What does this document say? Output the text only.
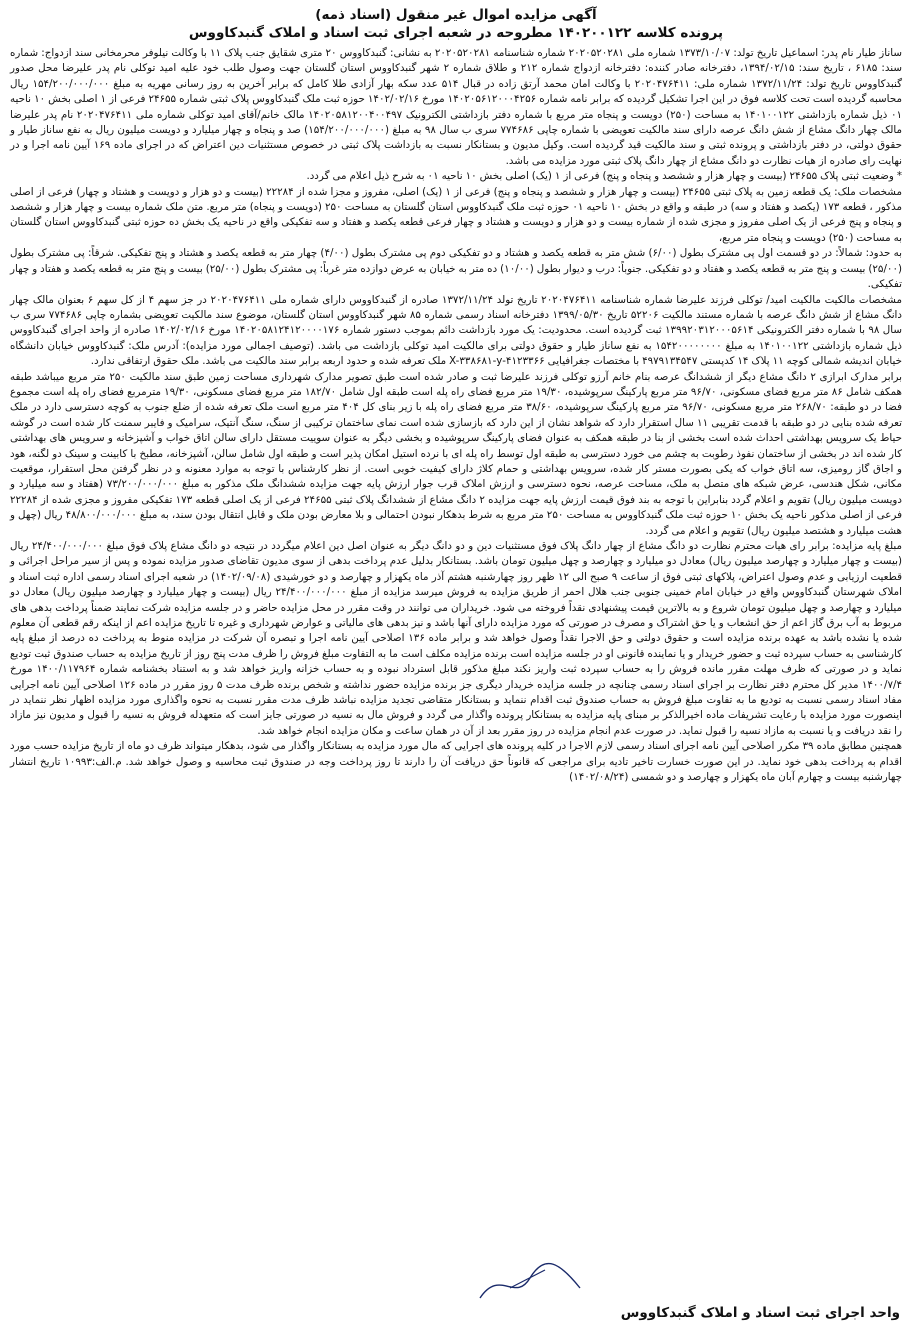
آگهی مزایده اموال غیر منقول (اسناد ذمه)
پرونده کلاسه ۱۴۰۲۰۰۱۲۲ مطروحه در شعبه اجرای ثبت اسناد و املاک گنبدکاووس

ساناز طیار نام پدر: اسماعیل تاریخ تولد: ۱۳۷۳/۱۰/۰۷ شماره ملی ۲۰۲۰۵۲۰۲۸۱ شماره شناسنامه ۲۰۲۰۵۲۰۲۸۱ به نشانی: گنبدکاووس ۲۰ متری شقایق جنب پلاک ۱۱ با وکالت نیلوفر محرمخانی سند ازدواج: شماره سند: ۶۱۸۵ ، تاریخ سند: ۱۳۹۴/۰۲/۱۵، دفترخانه صادر کننده: دفترخانه ازدواج شماره ۲۱۲ و طلاق شماره ۲ شهر گنبدکاووس استان گلستان جهت وصول طلب خود علیه امید توکلی نام پدر علیرضا محل صدور گنبدکاووس تاریخ تولد: ۱۳۷۲/۱۱/۲۴ شماره ملی: ۲۰۲۰۴۷۶۴۱۱ با وکالت امان محمد آرتق زاده در قبال ۵۱۴ عدد سکه بهار آزادی طلا کامل که برابر آخرین به روز رسانی مهریه به مبلغ ۱۵۴/۲۰۰/۰۰۰/۰۰۰ ریال محاسبه گردیده است تحت کلاسه فوق در این اجرا تشکیل گردیده که برابر نامه شماره ۱۴۰۲۰۵۶۱۲۰۰۰۴۲۵۶ مورخ ۱۴۰۲/۰۲/۱۶ حوزه ثبت ملک گنبدکاووس پلاک ثبتی شماره ۲۴۶۵۵ فرعی از ۱ اصلی بخش ۱۰ ناحیه ۰۱ ذیل شماره بازداشتی ۱۴۰۱۰۰۱۲۲ به مساحت (۲۵۰) دویست و پنجاه متر مربع با شماره دفتر بازداشتی الکترونیک ۱۴۰۲۰۵۸۱۲۰۰۴۰۰۴۹۷ مالک خانم/آقای امید توکلی شماره ملی ۲۰۲۰۴۷۶۴۱۱ نام پدر علیرضا مالک چهار دانگ مشاع از شش دانگ عرصه دارای سند مالکیت تعویضی با شماره چاپی ۷۷۴۶۸۶ سری ب سال ۹۸ به مبلغ (۱۵۴/۲۰۰/۰۰۰/۰۰۰) صد و پنجاه و چهار میلیارد و دویست میلیون ریال به نفع ساناز طیار و حقوق دولتی، در دفتر بازداشتی و پرونده ثبتی و سند مالکیت قید گردیده است. وکیل مدیون و بستانکار نسبت به بازداشت پلاک ثبتی در خصوص مستثنیات دین اعتراض که در اجرای ماده ۱۶۹ آیین نامه اجرا و در نهایت رای صادره از هیات نظارت دو دانگ مشاع از چهار دانگ پلاک ثبتی مورد مزایده می باشد.

* وضعیت ثبتی پلاک ۲۴۶۵۵ (بیست و چهار هزار و ششصد و پنجاه و پنج) فرعی از ۱ (یک) اصلی بخش ۱۰ ناحیه ۰۱ به شرح ذیل اعلام می گردد.

مشخصات ملک: یک قطعه زمین به پلاک ثبتی ۲۴۶۵۵ (بیست و چهار هزار و ششصد و پنجاه و پنج) فرعی از ۱ (یک) اصلی، مفروز و مجزا شده از ۲۲۲۸۴ (بیست و دو هزار و دویست و هشتاد و چهار) فرعی از اصلی مذکور ، قطعه ۱۷۳ (یکصد و هفتاد و سه) در طبقه و واقع در بخش ۱۰ ناحیه ۰۱ حوزه ثبت ملک گنبدکاووس استان گلستان به مساحت ۲۵۰ (دویست و پنجاه) متر مربع. متن ملک شماره بیست و چهار هزار و ششصد و پنجاه و پنج فرعی از یک اصلی مفروز و مجزی شده از شماره بیست و دو هزار و دویست و هشتاد و چهار فرعی قطعه یکصد و هفتاد و سه تفکیکی واقع در ناحیه یک بخش ده حوزه ثبتی گنبدکاووس استان گلستان به مساحت (۲۵۰) دویست و پنجاه متر مربع،

به حدود: شمالاً: در دو قسمت اول پی مشترک بطول (۶/۰۰) شش متر به قطعه یکصد و هشتاد و دو تفکیکی دوم پی مشترک بطول (۴/۰۰) چهار متر به قطعه یکصد و هشتاد و پنج تفکیکی. شرقاً: پی مشترک بطول (۲۵/۰۰) بیست و پنج متر به قطعه یکصد و هفتاد و دو تفکیکی. جنوباً: درب و دیوار بطول (۱۰/۰۰) ده متر به خیابان به عرض دوازده متر غرباً: پی مشترک بطول (۲۵/۰۰) بیست و پنج متر به قطعه یکصد و هفتاد و چهار تفکیکی.

مشخصات مالکیت مالکیت امید/ توکلی فرزند علیرضا شماره شناسنامه ۲۰۲۰۴۷۶۴۱۱ تاریخ تولد ۱۳۷۲/۱۱/۲۴ صادره از گنبدکاووس دارای شماره ملی ۲۰۲۰۴۷۶۴۱۱ در جز سهم ۴ از کل سهم ۶ بعنوان مالک چهار دانگ مشاع از شش دانگ عرصه با شماره مستند مالکیت ۵۲۲۰۶ تاریخ ۱۳۹۹/۰۵/۳۰ دفترخانه اسناد رسمی شماره ۸۵ شهر گنبدکاووس استان گلستان، موضوع سند مالکیت تعویضی بشماره چاپی ۷۷۴۶۸۶ سری ب سال ۹۸ با شماره دفتر الکترونیکی ۱۳۹۹۲۰۳۱۲۰۰۰۵۶۱۴ ثبت گردیده است. محدودیت: یک مورد بازداشت دائم بموجب دستور شماره ۱۴۰۲۰۵۸۱۲۴۱۲۰۰۰۰۱۷۶ مورخ ۱۴۰۲/۰۲/۱۶ صادره از واحد اجرای گنبدکاووس ذیل شماره بازداشتی ۱۴۰۱۰۰۱۲۲ به مبلغ ۱۵۴۲۰۰۰۰۰۰۰۰ به نفع ساناز طیار و حقوق دولتی برای مالکیت امید توکلی بازداشت می باشد. (توصیف اجمالی مورد مزایده): آدرس ملک: گنبدکاووس خیابان دانشگاه خیابان اندیشه شمالی کوچه ۱۱ پلاک ۱۴ کدپستی ۴۹۷۹۱۳۴۵۴۷ با مختصات جغرافیایی X-۳۳۸۶۸۱-y-۴۱۲۳۳۶۶ ملک تعرفه شده و حدود اربعه برابر سند مالکیت می باشد. ملک حقوق ارتفاقی ندارد.

برابر مدارک ابرازی ۲ دانگ مشاع دیگر از ششدانگ عرصه بنام خانم آرزو توکلی فرزند علیرضا ثبت و صادر شده است طبق تصویر مدارک شهرداری مساحت زمین طبق سند مالکیت ۲۵۰ متر مربع میباشد طبقه همکف شامل ۸۶ متر مربع فضای مسکونی، ۹۶/۷۰ متر مربع پارکینگ سرپوشیده، ۱۹/۳۰ متر مربع فضای راه پله است طبقه اول شامل ۱۸۲/۷۰ متر مربع فضای مسکونی، ۱۹/۳۰ مترمربع فضای راه پله است مجموع فضا در دو طبقه: ۲۶۸/۷۰ متر مربع مسکونی، ۹۶/۷۰ متر مربع پارکینگ سرپوشیده، ۳۸/۶۰ متر مربع فضای راه پله با زیر بنای کل ۴۰۴ متر مربع است ملک تعرفه شده از ضلع جنوب به کوچه دسترسی دارد در ملک تعرفه شده بنایی در دو طبقه با قدمت تقریبی ۱۱ سال استقرار دارد که شواهد نشان از این دارد که بازسازی شده است نمای ساختمان ترکیبی از سنگ، سنگ آنتیک، سرامیک و فایبر سمنت کار شده است در گوشه حیاط یک سرویس بهداشتی احداث شده است بخشی از بنا در طبقه همکف به عنوان فضای پارکینگ سرپوشیده و بخشی دیگر به عنوان سوییت مستقل دارای سالن اتاق خواب و آشپزخانه و سرویس های بهداشتی کار شده اند در بخشی از ساختمان نفوذ رطوبت به چشم می خورد دسترسی به طبقه اول توسط راه پله ای با نرده استیل امکان پذیر است و طبقه اول شامل سالن، آشپزخانه، مطبخ با کابینت و سینک دو لگنه، هود و اجاق گاز رومیزی، سه اتاق خواب که یکی بصورت مستر کار شده، سرویس بهداشتی و حمام کلاژ دارای کیفیت خوبی است. از نظر کارشناس با توجه به موارد معنونه و در نظر گرفتن محل استقرار، موقعیت مکانی، شکل هندسی، عرض شبکه های متصل به ملک، مساحت عرصه، نحوه دسترسی و ارزش املاک قرب جوار ارزش پایه جهت مزایده ششدانگ ملک مذکور به مبلغ ۷۳/۲۰۰/۰۰۰/۰۰۰ (هفتاد و سه میلیارد و دویست میلیون ریال) تقویم و اعلام گردد بنابراین با توجه به بند فوق قیمت ارزش پایه جهت مزایده ۲ دانگ مشاع از ششدانگ پلاک ثبتی ۲۴۶۵۵ فرعی از یک اصلی قطعه ۱۷۳ تفکیکی مفروز و مجزی شده از ۲۲۲۸۴ فرعی از اصلی مذکور ناحیه یک بخش ۱۰ حوزه ثبت ملک گنبدکاووس به مساحت ۲۵۰ متر مربع به شرط بدهکار نبودن احتمالی و بلا معارض بودن ملک و قابل انتقال بودن سند، به مبلغ ۴۸/۸۰۰/۰۰۰/۰۰۰ ریال (چهل و هشت میلیارد و هشتصد میلیون ریال) تقویم و اعلام می گردد.

مبلغ پایه مزایده: برابر رای هیات محترم نظارت دو دانگ مشاع از چهار دانگ پلاک فوق مستثنیات دین و دو دانگ دیگر به عنوان اصل دین اعلام میگردد در نتیجه دو دانگ مشاع پلاک فوق مبلغ ۲۴/۴۰۰/۰۰۰/۰۰۰ ریال (بیست و چهار میلیارد و چهارصد میلیون ریال) معادل دو میلیارد و چهارصد و چهل میلیون تومان باشد. بستانکار بدلیل عدم پرداخت بدهی از سوی مدیون تقاضای صدور مزایده نموده و پس از سیر مراحل اجرائی و قطعیت ارزیابی و عدم وصول اعتراض، پلاکهای ثبتی فوق از ساعت ۹ صبح الی ۱۲ ظهر روز چهارشنبه هشتم آذر ماه یکهزار و چهارصد و دو خورشیدی (۱۴۰۲/۰۹/۰۸) در شعبه اجرای اسناد رسمی اداره ثبت اسناد و املاک شهرستان گنبدکاووس واقع در خیابان امام خمینی جنوبی جنب هلال احمر از طریق مزایده به فروش میرسد مزایده از مبلغ ۲۴/۴۰۰/۰۰۰/۰۰۰ ریال (بیست و چهار میلیارد و چهارصد میلیون ریال) معادل دو میلیارد و چهارصد و چهل میلیون تومان شروع و به بالاترین قیمت پیشنهادی نقداً فروخته می شود. خریداران می توانند در وقت مقرر در محل مزایده حاضر و در جلسه مزایده شرکت نمایند ضمناً پرداخت بدهی های مربوط به آب برق گاز اعم از حق انشعاب و یا حق اشتراک و مصرف در صورتی که مورد مزایده دارای آنها باشد و نیز بدهی های مالیاتی و عوارض شهرداری و غیره تا تاریخ مزایده اعم از اینکه رقم قطعی آن معلوم شده یا نشده باشد به عهده برنده مزایده است و حقوق دولتی و حق الاجرا نقداً وصول خواهد شد و برابر ماده ۱۳۶ اصلاحی آیین نامه اجرا و تبصره آن شرکت در مزایده منوط به پرداخت ده درصد از مبلغ پایه کارشناسی به حساب سپرده ثبت و حضور خریدار و یا نماینده قانونی او در جلسه مزایده است برنده مزایده مکلف است ما به التفاوت مبلغ فروش را ظرف مدت پنج روز از تاریخ مزایده به حساب صندوق ثبت تودیع نماید و در صورتی که ظرف مهلت مقرر مانده فروش را به حساب سپرده ثبت واریز نکند مبلغ مذکور قابل استرداد نبوده و به حساب خزانه واریز خواهد شد و به استناد بخشنامه شماره ۱۴۰۰/۱۱۷۹۶۴ مورخ ۱۴۰۰/۷/۴ مدیر کل محترم دفتر نظارت بر اجرای اسناد رسمی چنانچه در جلسه مزایده خریدار دیگری جز برنده مزایده حضور نداشته و شخص برنده ظرف مدت ۵ روز مقرر در ماده ۱۲۶ اصلاحی آیین نامه اجرایی مفاد اسناد رسمی نسبت به تودیع ما به تفاوت مبلغ فروش به حساب صندوق ثبت اقدام ننماید و بستانکار متقاضی تجدید مزایده نباشد ظرف مدت مقرر نسبت به نحوه واگذاری مورد مزایده اظهار نظر ننماید در اینصورت مورد مزایده با رعایت تشریفات ماده اخیرالذکر بر مبنای پایه مزایده به بستانکار پرونده واگذار می گردد و فروش مال به نسیه در صورتی جایز است که متعهدله فروش به نسیه را قبول و مدیون نیز مازاد را نقد دریافت و یا نسبت به مازاد نسیه را قبول نماید. در صورت عدم انجام مزایده در روز مقرر بعد از آن در همان ساعت و مکان مزایده انجام خواهد شد.

همچنین مطابق ماده ۳۹ مکرر اصلاحی آیین نامه اجرای اسناد رسمی لازم الاجرا در کلیه پرونده های اجرایی که مال مورد مزایده به بستانکار واگذار می شود، بدهکار میتواند ظرف دو ماه از تاریخ مزایده حسب مورد اقدام به پرداخت بدهی خود نماید. در این صورت خسارت تاخیر تادیه برای مراجعی که قانوناً حق دریافت آن را دارند تا روز پرداخت وجه در صندوق ثبت محاسبه و وصول خواهد شد. م.الف:۱۰۹۹۳ تاریخ انتشار چهارشنبه بیست و چهارم آبان ماه یکهزار و چهارصد و دو شمسی (۱۴۰۲/۰۸/۲۴)

واحد اجرای ثبت اسناد و املاک گنبدکاووس
